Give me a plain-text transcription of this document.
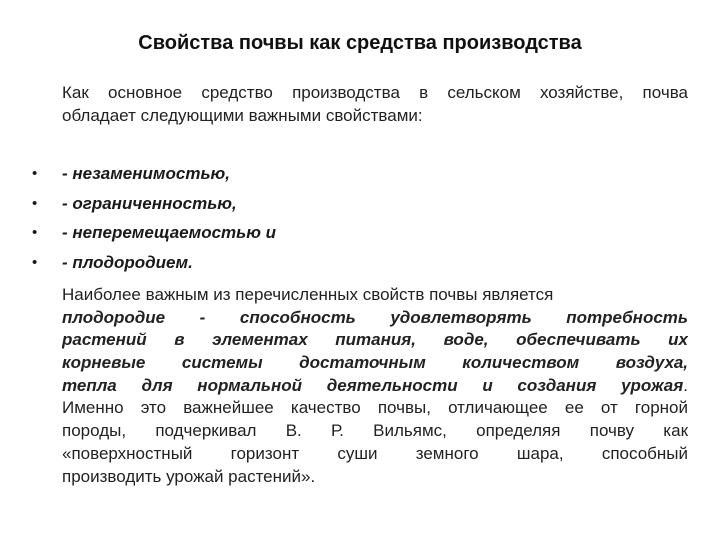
Свойства почвы как средства производства
Как основное средство производства в сельском хозяйстве, почва
обладает следующими важными свойствами:
• - незаменимостью,
• - ограниченностью,
• - неперемещаемостью и
• - плодородием.
Наиболее важным из перечисленных свойств почвы является
плодородие - способность удовлетворять потребность
растений в элементах питания, воде, обеспечивать их
корневые системы достаточным количеством воздуха,
тепла для нормальной деятельности и создания урожая.
Именно это важнейшее качество почвы, отличающее ее от горной
породы, подчеркивал В. Р. Вильямс, определяя почву как
«поверхностный горизонт суши земного шара, способный
производить урожай растений».
